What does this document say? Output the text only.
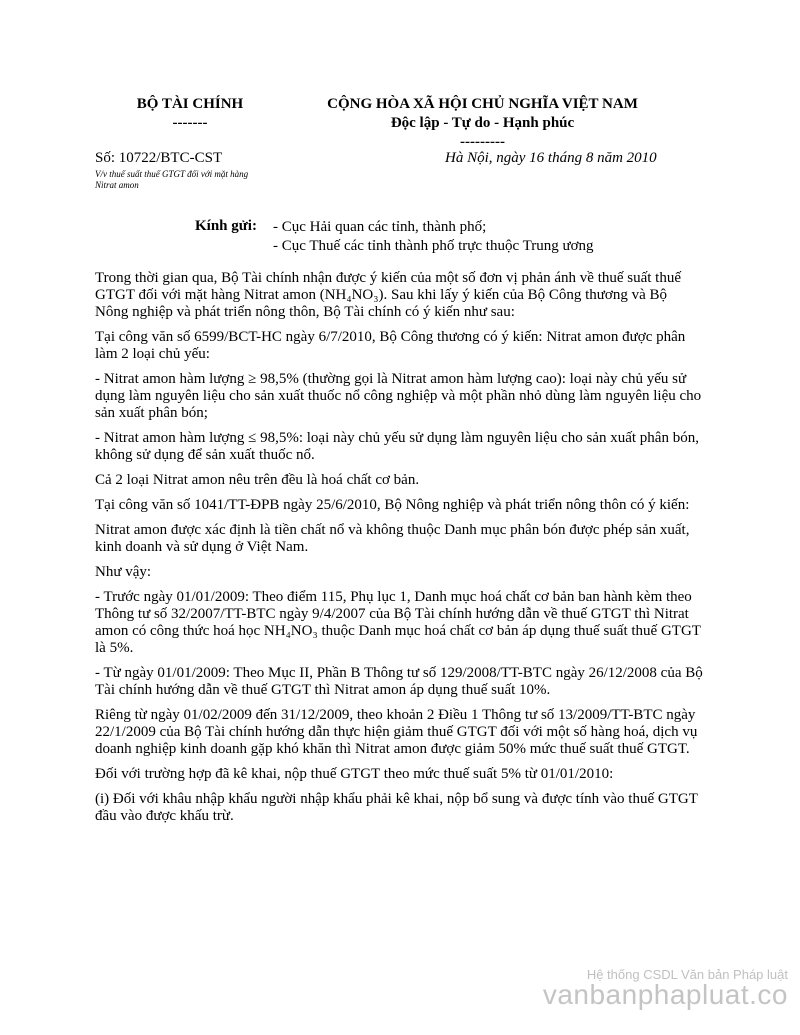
BỘ TÀI CHÍNH
-------
CỘNG HÒA XÃ HỘI CHỦ NGHĨA VIỆT NAM
Độc lập - Tự do - Hạnh phúc
---------
Số: 10722/BTC-CST
V/v thuế suất thuế GTGT đối với mặt hàng
Nitrat amon
Hà Nội, ngày 16 tháng 8 năm 2010
Kính gửi: - Cục Hải quan các tỉnh, thành phố;
- Cục Thuế các tỉnh thành phố trực thuộc Trung ương

Trong thời gian qua, Bộ Tài chính nhận được ý kiến của một số đơn vị phản ánh về thuế suất thuế GTGT đối với mặt hàng Nitrat amon (NH₄NO₃). Sau khi lấy ý kiến của Bộ Công thương và Bộ Nông nghiệp và phát triển nông thôn, Bộ Tài chính có ý kiến như sau:

Tại công văn số 6599/BCT-HC ngày 6/7/2010, Bộ Công thương có ý kiến: Nitrat amon được phân làm 2 loại chủ yếu:

- Nitrat amon hàm lượng ≥ 98,5% (thường gọi là Nitrat amon hàm lượng cao): loại này chủ yếu sử dụng làm nguyên liệu cho sản xuất thuốc nổ công nghiệp và một phần nhỏ dùng làm nguyên liệu cho sản xuất phân bón;

- Nitrat amon hàm lượng ≤ 98,5%: loại này chủ yếu sử dụng làm nguyên liệu cho sản xuất phân bón, không sử dụng để sản xuất thuốc nổ.

Cả 2 loại Nitrat amon nêu trên đều là hoá chất cơ bản.

Tại công văn số 1041/TT-ĐPB ngày 25/6/2010, Bộ Nông nghiệp và phát triển nông thôn có ý kiến:

Nitrat amon được xác định là tiền chất nổ và không thuộc Danh mục phân bón được phép sản xuất, kinh doanh và sử dụng ở Việt Nam.

Như vậy:

- Trước ngày 01/01/2009: Theo điểm 115, Phụ lục 1, Danh mục hoá chất cơ bản ban hành kèm theo Thông tư số 32/2007/TT-BTC ngày 9/4/2007 của Bộ Tài chính hướng dẫn về thuế GTGT thì Nitrat amon có công thức hoá học NH₄NO₃ thuộc Danh mục hoá chất cơ bản áp dụng thuế suất thuế GTGT là 5%.

- Từ ngày 01/01/2009: Theo Mục II, Phần B Thông tư số 129/2008/TT-BTC ngày 26/12/2008 của Bộ Tài chính hướng dẫn về thuế GTGT thì Nitrat amon áp dụng thuế suất 10%.

Riêng từ ngày 01/02/2009 đến 31/12/2009, theo khoản 2 Điều 1 Thông tư số 13/2009/TT-BTC ngày 22/1/2009 của Bộ Tài chính hướng dẫn thực hiện giảm thuế GTGT đối với một số hàng hoá, dịch vụ doanh nghiệp kinh doanh gặp khó khăn thì Nitrat amon được giảm 50% mức thuế suất thuế GTGT.

Đối với trường hợp đã kê khai, nộp thuế GTGT theo mức thuế suất 5% từ 01/01/2010:

(i) Đối với khâu nhập khẩu người nhập khẩu phải kê khai, nộp bổ sung và được tính vào thuế GTGT đầu vào được khấu trừ.

Hệ thống CSDL Văn bản Pháp luật
vanbanphapluat.co
